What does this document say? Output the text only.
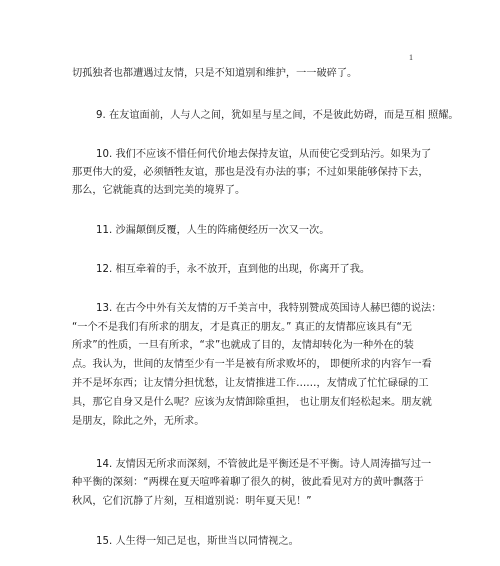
1
切孤独者也都遭遇过友情，只是不知道别和维护，一一破碎了。
9. 在友谊面前，人与人之间，犹如星与星之间，不是彼此妨碍，而是互相 照耀。
10. 我们不应该不惜任何代价地去保持友谊，从而使它受到玷污。如果为了
那更伟大的爱，必须牺牲友谊，那也是没有办法的事；不过如果能够保持下去，
那么，它就能真的达到完美的境界了。
11. 沙漏颠倒反覆，人生的阵痛便经历一次又一次。
12. 相互牵着的手，永不放开，直到他的出现，你离开了我。
13. 在古今中外有关友情的万千美言中，我特别赞成英国诗人赫巴德的说法：
“一个不是我们有所求的朋友，才是真正的朋友。” 真正的友情都应该具有“无
所求”的性质，一旦有所求，“求”也就成了目的，友情却转化为一种外在的装
点。我认为，世间的友情至少有一半是被有所求败坏的， 即便所求的内容乍一看
并不是坏东西；让友情分担忧愁，让友情推进工作……，友情成了忙忙碌碌的工
具，那它自身又是什么呢？应该为友情卸除重担， 也让朋友们轻松起来。朋友就
是朋友，除此之外，无所求。
14. 友情因无所求而深刻，不管彼此是平衡还是不平衡。诗人周涛描写过一
种平衡的深刻：“两棵在夏天喧哗着聊了很久的树，彼此看见对方的黄叶飘落于
秋风，它们沉静了片刻，互相道别说：明年夏天见！”
15. 人生得一知己足也，斯世当以同情视之。
